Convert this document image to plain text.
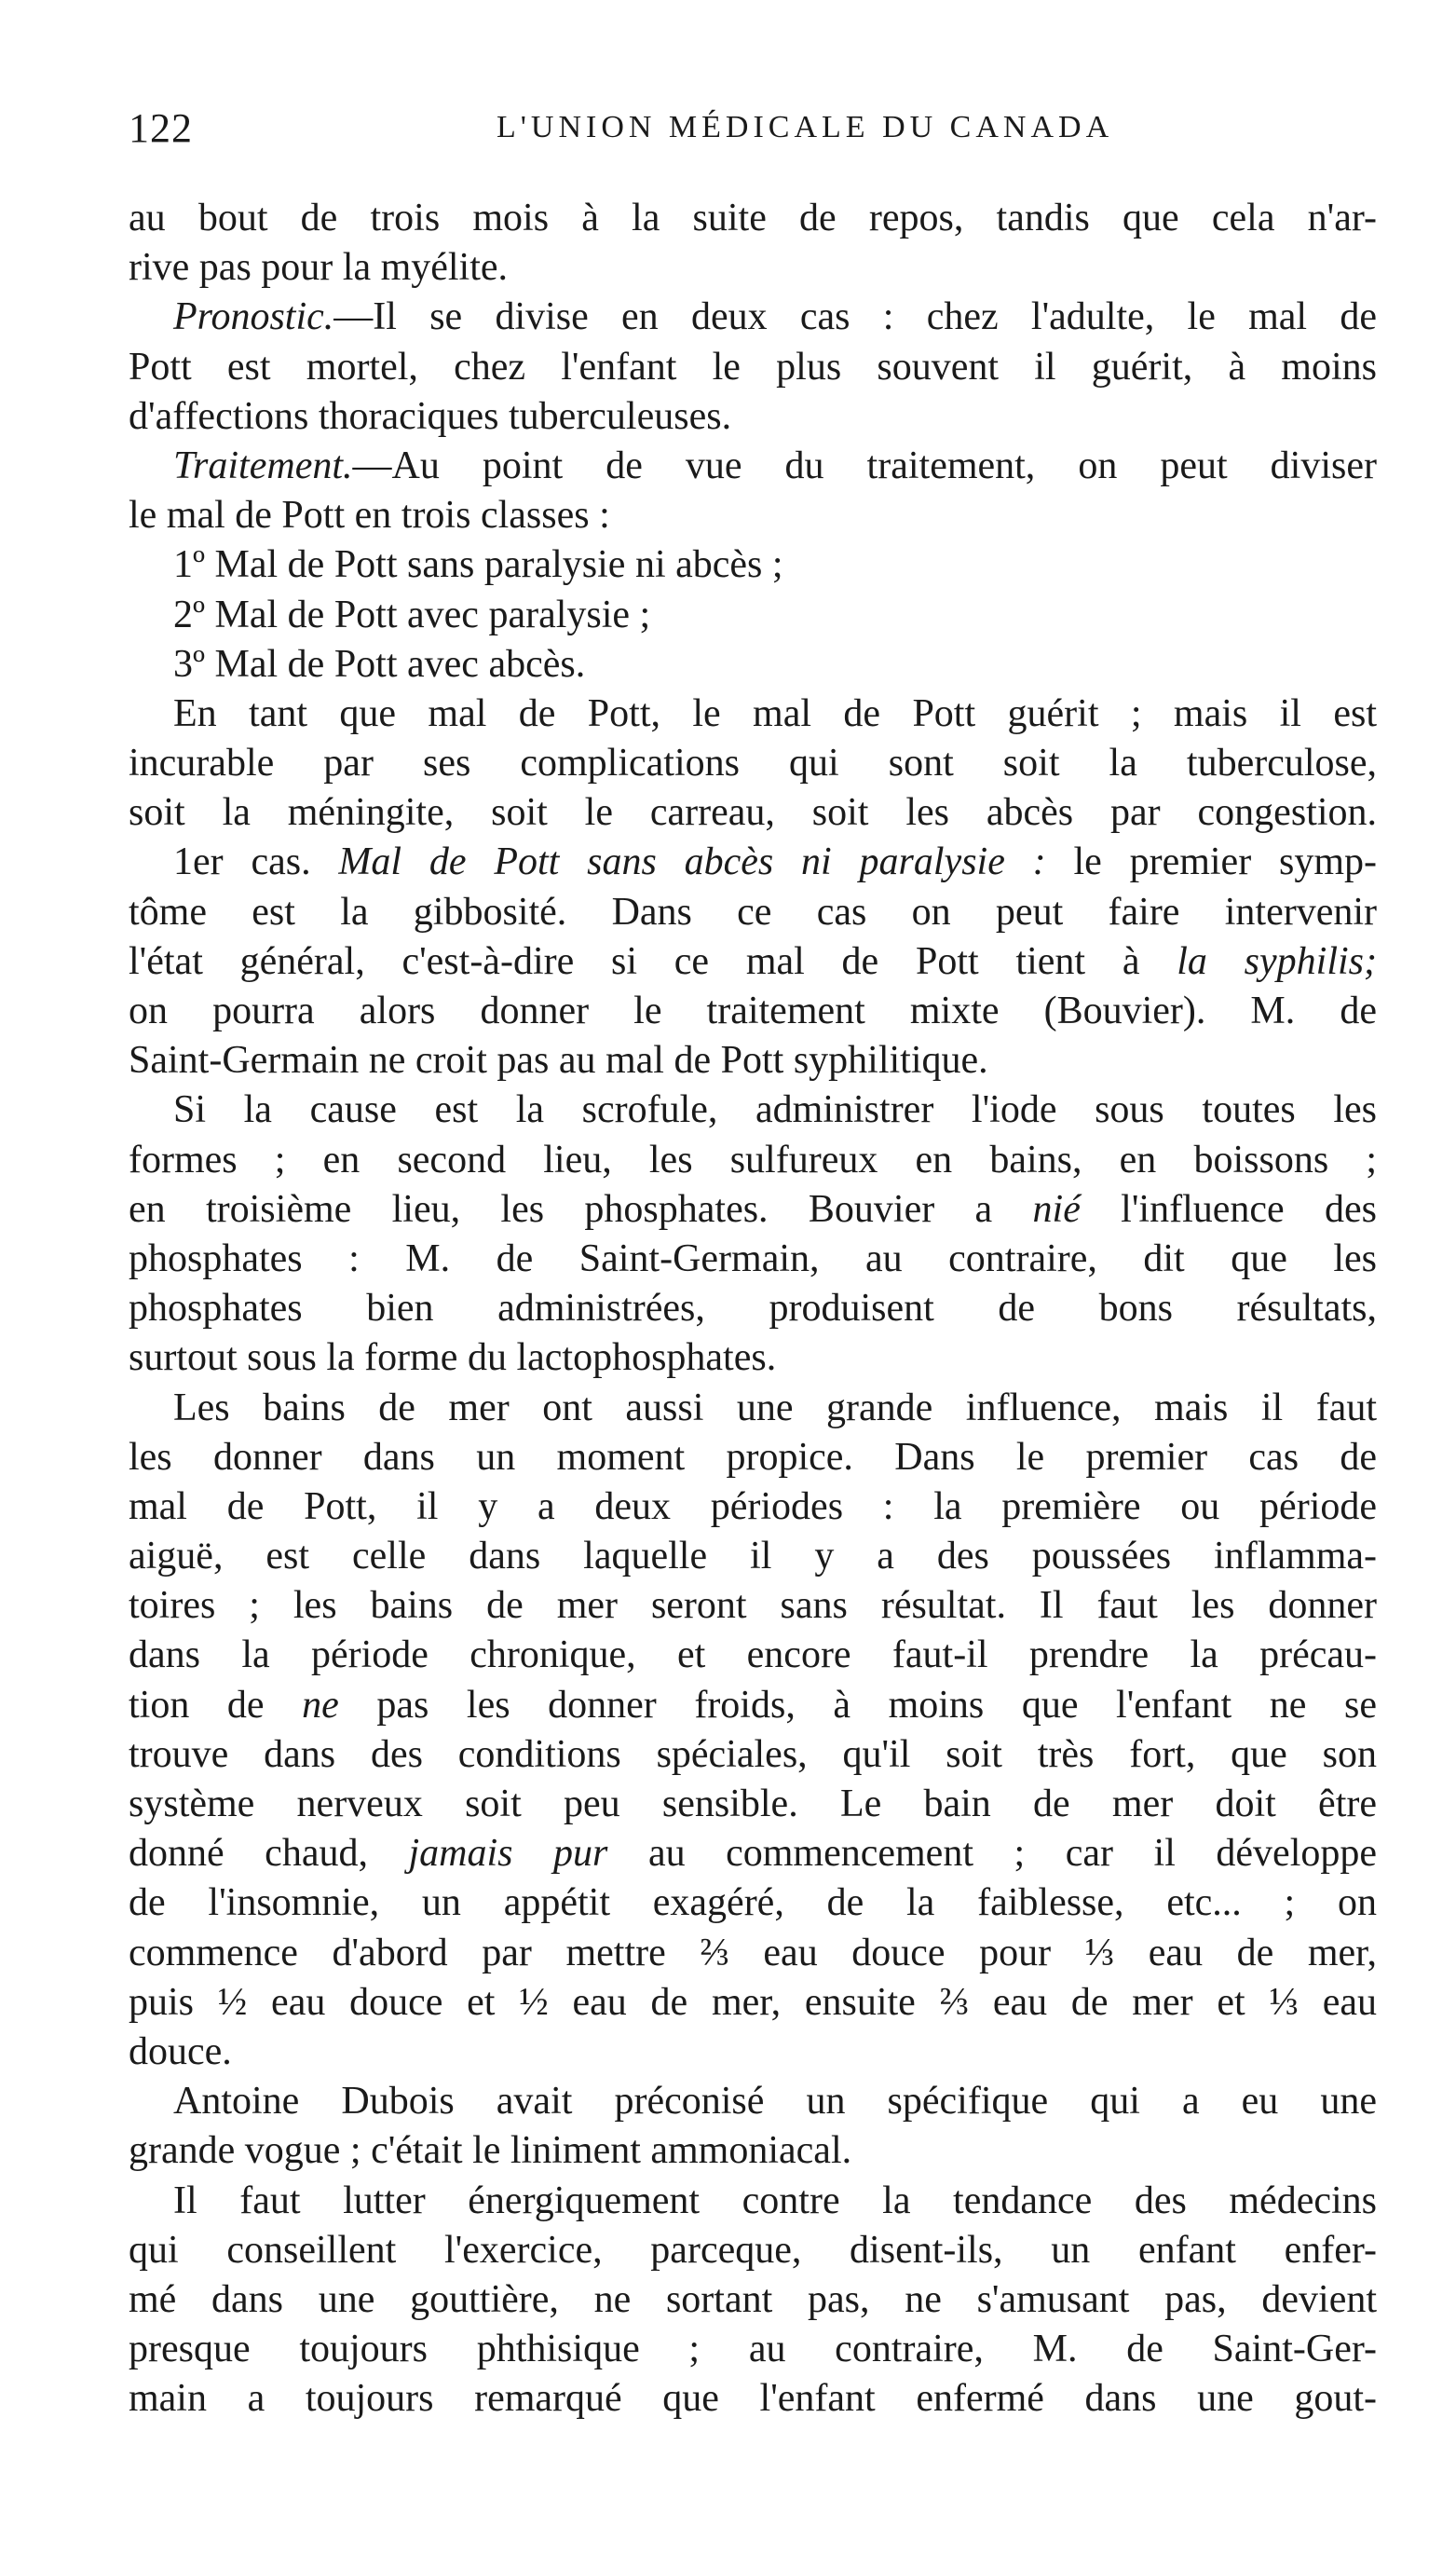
122	L'UNION MÉDICALE DU CANADA
au bout de trois mois à la suite de repos, tandis que cela n'ar-
rive pas pour la myélite.
Pronostic.—Il se divise en deux cas : chez l'adulte, le mal de
Pott est mortel, chez l'enfant le plus souvent il guérit, à moins
d'affections thoraciques tuberculeuses.
Traitement.—Au point de vue du traitement, on peut diviser
le mal de Pott en trois classes :
1º Mal de Pott sans paralysie ni abcès ;
2º Mal de Pott avec paralysie ;
3º Mal de Pott avec abcès.
En tant que mal de Pott, le mal de Pott guérit ; mais il est
incurable par ses complications qui sont soit la tuberculose,
soit la méningite, soit le carreau, soit les abcès par congestion.
1er cas. Mal de Pott sans abcès ni paralysie : le premier symp-
tôme est la gibbosité. Dans ce cas on peut faire intervenir
l'état général, c'est-à-dire si ce mal de Pott tient à la syphilis;
on pourra alors donner le traitement mixte (Bouvier). M. de
Saint-Germain ne croit pas au mal de Pott syphilitique.
Si la cause est la scrofule, administrer l'iode sous toutes les
formes ; en second lieu, les sulfureux en bains, en boissons ;
en troisième lieu, les phosphates. Bouvier a nié l'influence des
phosphates : M. de Saint-Germain, au contraire, dit que les
phosphates bien administrées, produisent de bons résultats,
surtout sous la forme du lactophosphates.
Les bains de mer ont aussi une grande influence, mais il faut
les donner dans un moment propice. Dans le premier cas de
mal de Pott, il y a deux périodes : la première ou période
aiguë, est celle dans laquelle il y a des poussées inflamma-
toires ; les bains de mer seront sans résultat. Il faut les donner
dans la période chronique, et encore faut-il prendre la précau-
tion de ne pas les donner froids, à moins que l'enfant ne se
trouve dans des conditions spéciales, qu'il soit très fort, que son
système nerveux soit peu sensible. Le bain de mer doit être
donné chaud, jamais pur au commencement ; car il développe
de l'insomnie, un appétit exagéré, de la faiblesse, etc... ; on
commence d'abord par mettre ⅔ eau douce pour ⅓ eau de mer,
puis ½ eau douce et ½ eau de mer, ensuite ⅔ eau de mer et ⅓ eau
douce.
Antoine Dubois avait préconisé un spécifique qui a eu une
grande vogue ; c'était le liniment ammoniacal.
Il faut lutter énergiquement contre la tendance des médecins
qui conseillent l'exercice, parceque, disent-ils, un enfant enfer-
mé dans une gouttière, ne sortant pas, ne s'amusant pas, devient
presque toujours phthisique ; au contraire, M. de Saint-Ger-
main a toujours remarqué que l'enfant enfermé dans une gout-
